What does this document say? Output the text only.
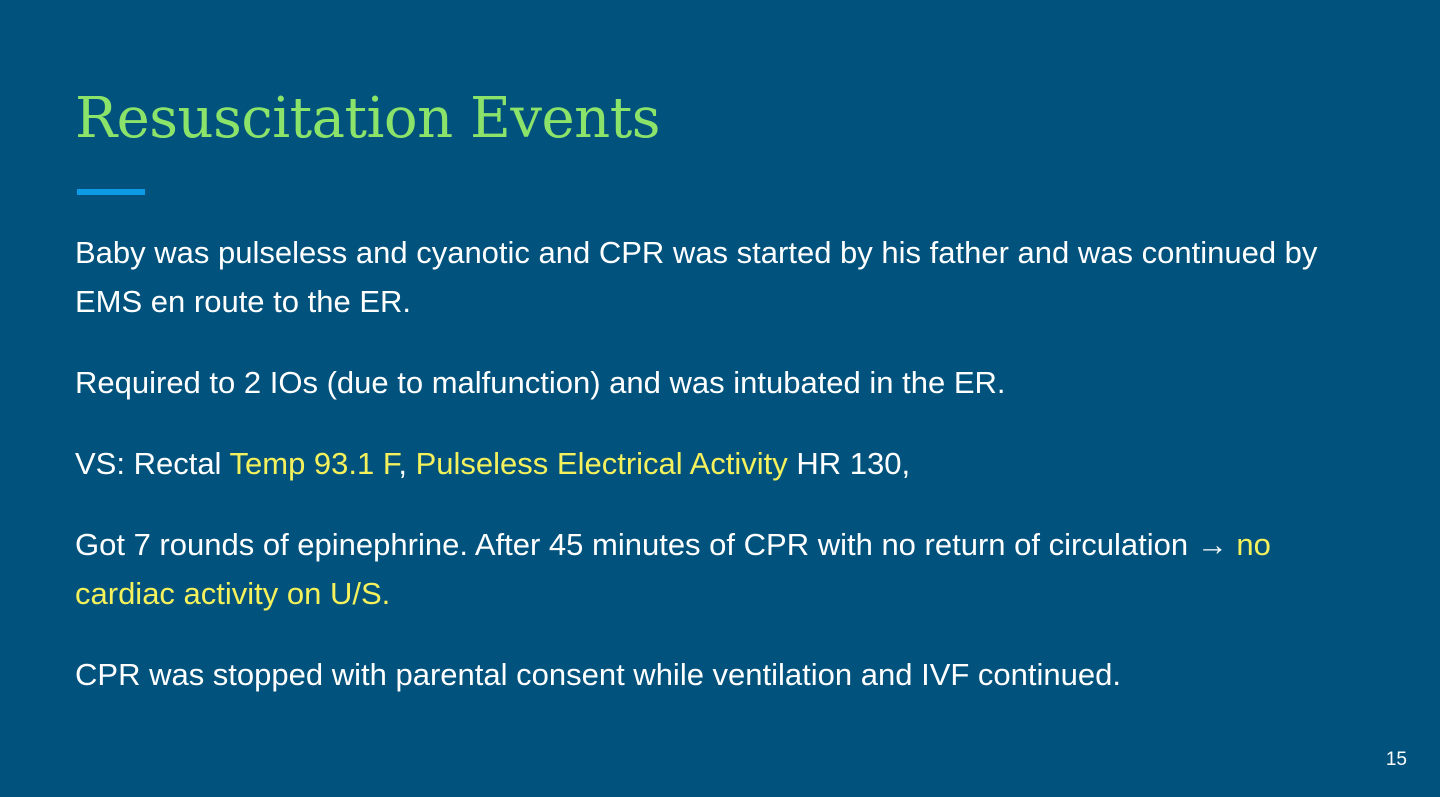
Resuscitation Events

Baby was pulseless and cyanotic and CPR was started by his father and was continued by EMS en route to the ER.

Required to 2 IOs (due to malfunction) and was intubated in the ER.

VS: Rectal Temp 93.1 F, Pulseless Electrical Activity HR 130,

Got 7 rounds of epinephrine. After 45 minutes of CPR with no return of circulation → no cardiac activity on U/S.

CPR was stopped with parental consent while ventilation and IVF continued.

15
